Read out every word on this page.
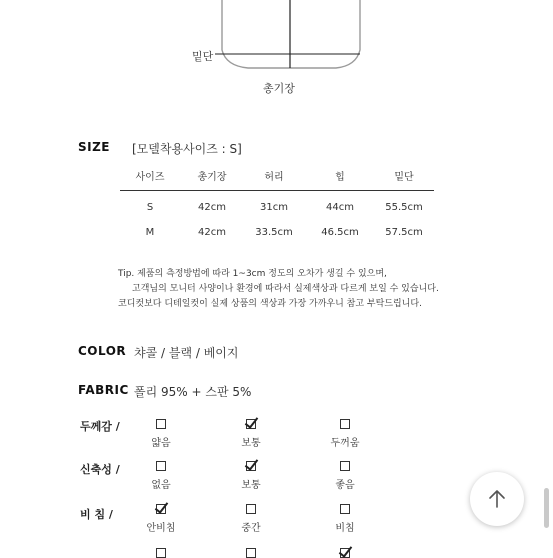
밑단
총기장
SIZE [모델착용사이즈 : S]
사이즈	총기장	허리	힙	밑단
S	42cm	31cm	44cm	55.5cm
M	42cm	33.5cm	46.5cm	57.5cm
Tip. 제품의 측정방법에 따라 1~3cm 정도의 오차가 생길 수 있으며,
고객님의 모니터 사양이나 환경에 따라서 실제색상과 다르게 보일 수 있습니다.
코디컷보다 디테일컷이 실제 상품의 색상과 가장 가까우니 참고 부탁드립니다.
COLOR 챠콜 / 블랙 / 베이지
FABRIC 폴리 95% + 스판 5%
두께감 /
얇음	보통	두꺼움
신축성 /
없음	보통	좋음
비 침 /
안비침	중간	비침
